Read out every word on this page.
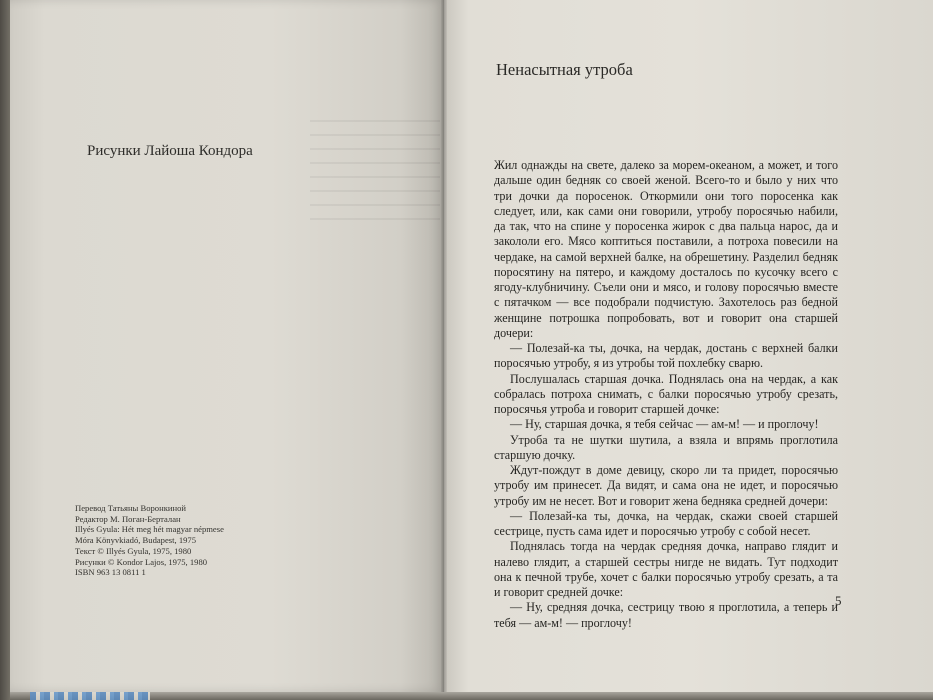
Рисунки Лайоша Кондора
Перевод Татьяны Воронкиной
Редактор М. Поган-Берталан
Illyés Gyula: Hét meg hét magyar népmese
Móra Könyvkiadó, Budapest, 1975
Текст © Illyés Gyula, 1975, 1980
Рисунки © Kondor Lajos, 1975, 1980
ISBN 963 13 0811 1
Ненасытная утроба

Жил однажды на свете, далеко за морем-океаном, а может, и того дальше один бедняк со своей женой. Всего-то и было у них что три дочки да поросенок. Откормили они того поросенка как следует, или, как сами они говорили, утробу поросячью набили, да так, что на спине у поросенка жирок с два пальца нарос, да и закололи его. Мясо коптиться поставили, а потроха повесили на чердаке, на самой верхней балке, на обрешетину. Разделил бедняк поросятину на пятеро, и каждому досталось по кусочку всего с ягоду-клубничину. Съели они и мясо, и голову поросячью вместе с пятачком — все подобрали подчистую. Захотелось раз бедной женщине потрошка попробовать, вот и говорит она старшей дочери:

— Полезай-ка ты, дочка, на чердак, достань с верхней балки поросячью утробу, я из утробы той похлебку сварю.

Послушалась старшая дочка. Поднялась она на чердак, а как собралась потроха снимать, с балки поросячью утробу срезать, поросячья утроба и говорит старшей дочке:

— Ну, старшая дочка, я тебя сейчас — ам-м! — и проглочу!

Утроба та не шутки шутила, а взяла и впрямь проглотила старшую дочку.

Ждут-пождут в доме девицу, скоро ли та придет, поросячью утробу им принесет. Да видят, и сама она не идет, и поросячью утробу им не несет. Вот и говорит жена бедняка средней дочери:

— Полезай-ка ты, дочка, на чердак, скажи своей старшей сестрице, пусть сама идет и поросячью утробу с собой несет.

Поднялась тогда на чердак средняя дочка, направо глядит и налево глядит, а старшей сестры нигде не видать. Тут подходит она к печной трубе, хочет с балки поросячью утробу срезать, а та и говорит средней дочке:

— Ну, средняя дочка, сестрицу твою я проглотила, а теперь и тебя — ам-м! — проглочу!

5
